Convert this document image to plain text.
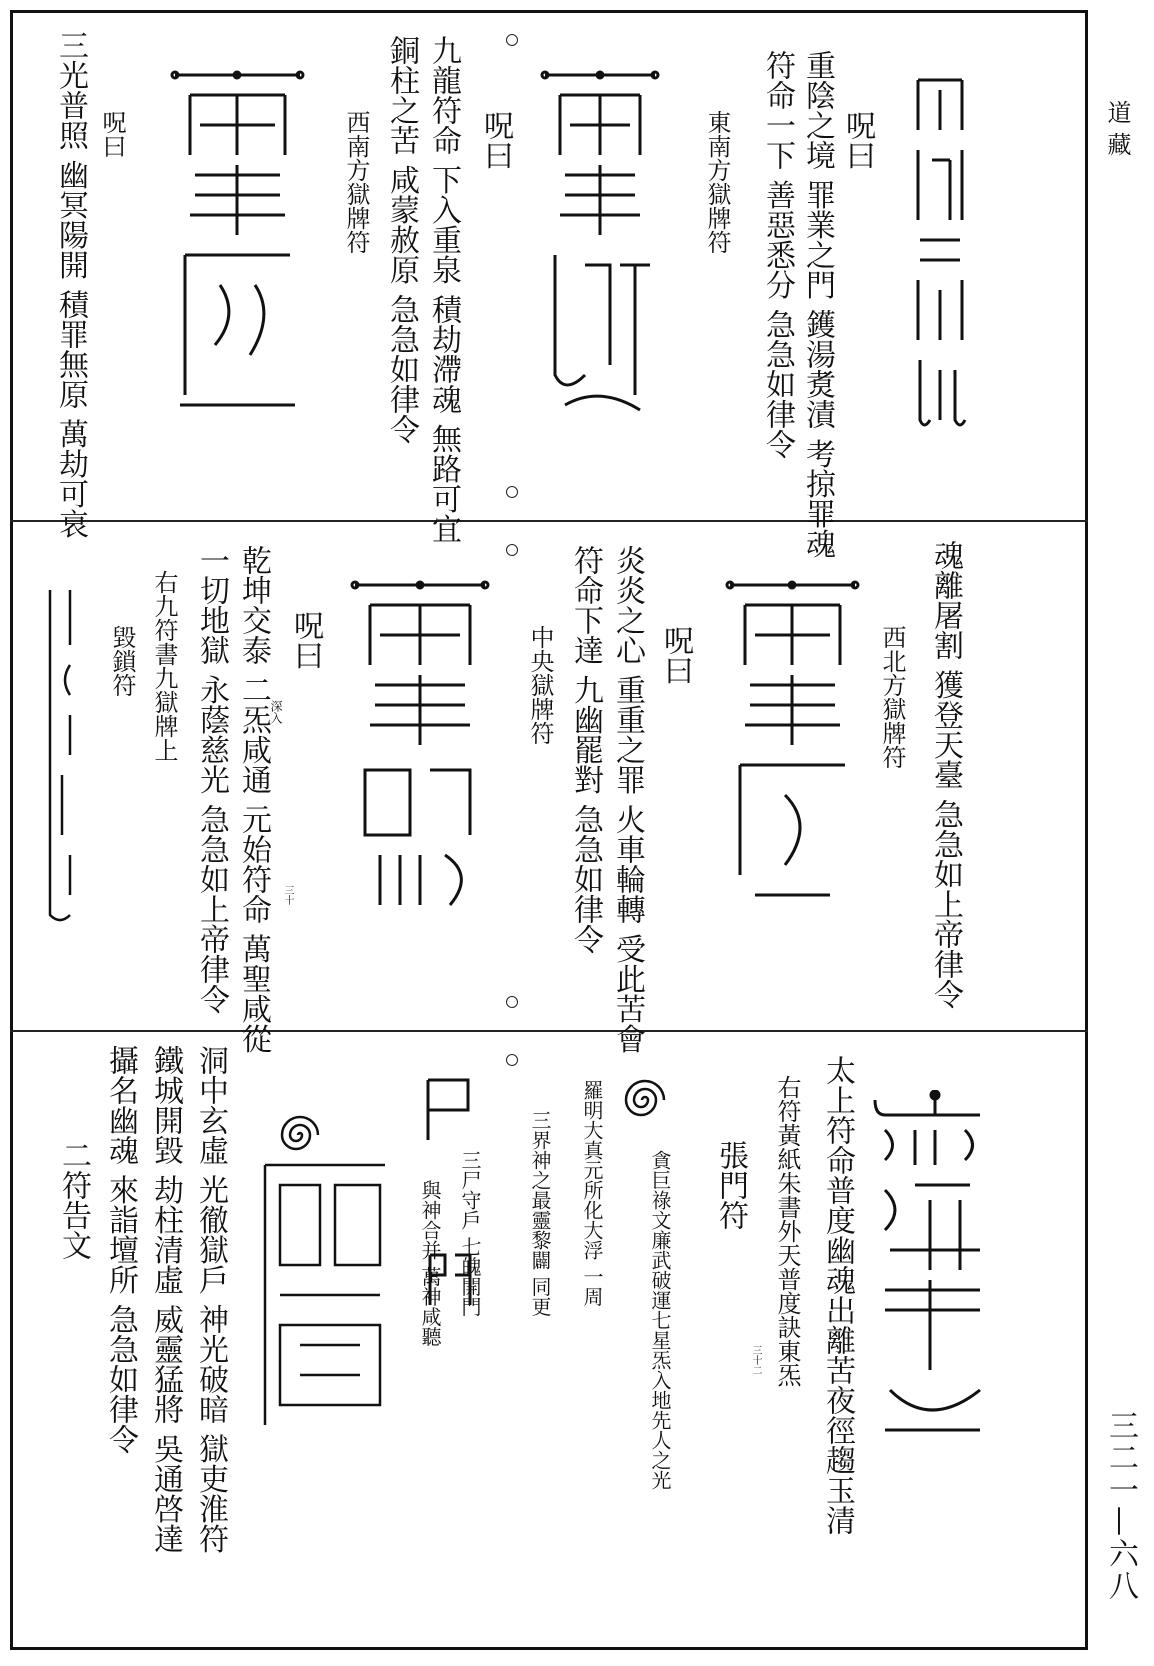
道藏
三二一—六八
呪曰
重陰之境 罪業之門 鑊湯煑漬 考掠罪魂
符命一下 善惡悉分 急急如律令
東南方獄牌符
呪曰
九龍符命 下入重泉 積劫滯魂 無路可宜
銅柱之苦 咸蒙赦原 急急如律令
西南方獄牌符
呪曰
三光普照 幽冥陽開 積罪無原 萬劫可哀
魂離屠割 獲登天臺 急急如上帝律令
西北方獄牌符
呪曰
炎炎之心 重重之罪 火車輪轉 受此苦會
符命下達 九幽罷對 急急如律令
中央獄牌符
呪曰
深入
乾坤交泰 二炁咸通 元始符命 萬聖咸從
一切地獄 永蔭慈光 急急如上帝律令
右九符書九獄牌上
毀鎖符
三十
太上符命普度幽魂出離苦夜徑趨玉清
右符黃紙朱書外天普度訣東炁
張門符
三十二
貪巨祿文廉武破運七星炁入地先人之光
羅明大真元所化大浮 一周
三界神之最靈黎闢 同更
三尸守戶 七魄開門
與神合并 萬神咸聽
洞中玄虛 光徹獄戶 神光破暗 獄吏淮符
鐵城開毀 劫柱清虛 威靈猛將 吳通啓達
攝名幽魂 來詣壇所 急急如律令
二符告文
